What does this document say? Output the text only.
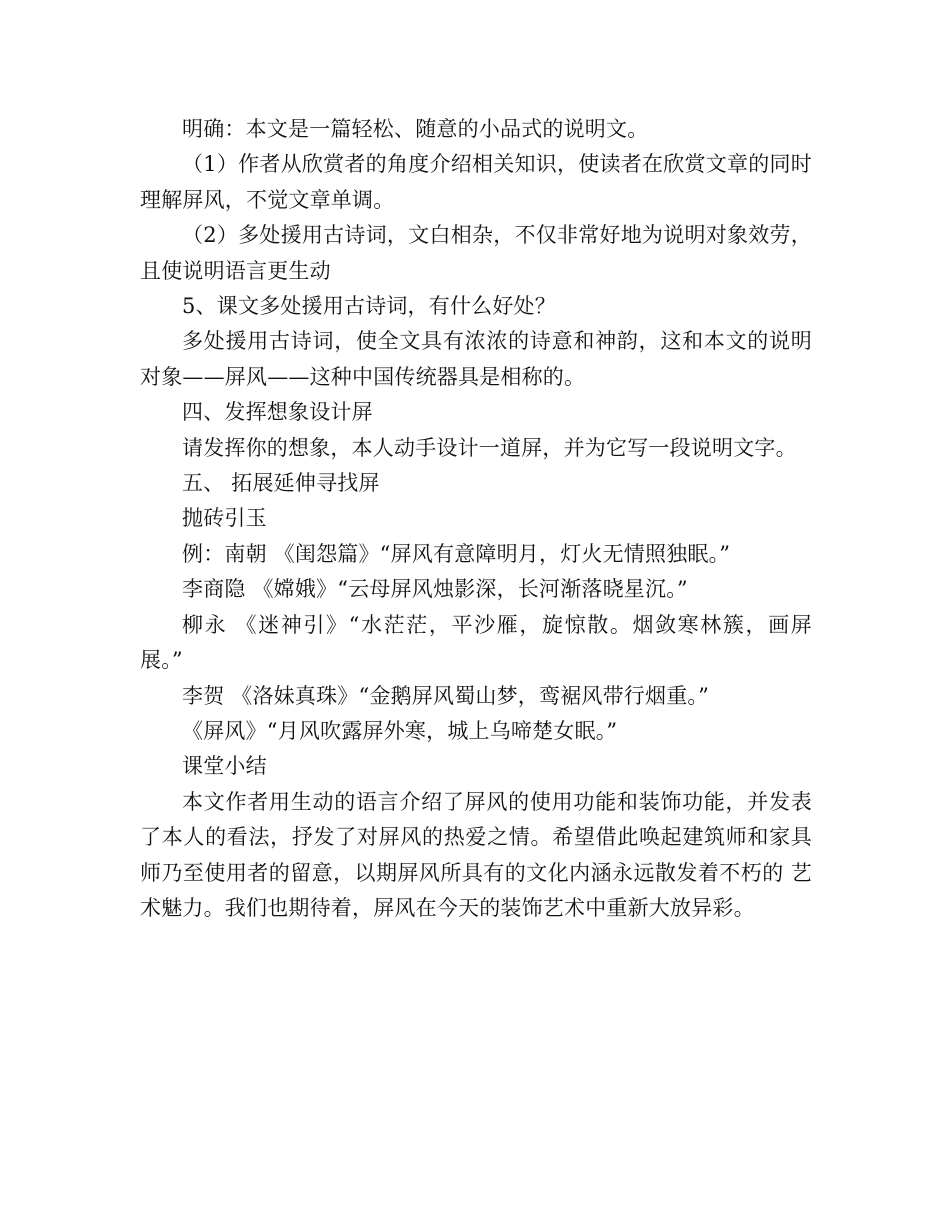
明确：本文是一篇轻松、随意的小品式的说明文。

（1）作者从欣赏者的角度介绍相关知识，使读者在欣赏文章的同时理解屏风，不觉文章单调。

（2）多处援用古诗词，文白相杂，不仅非常好地为说明对象效劳，且使说明语言更生动

5、课文多处援用古诗词，有什么好处？

多处援用古诗词，使全文具有浓浓的诗意和神韵，这和本文的说明对象——屏风——这种中国传统器具是相称的。

四、发挥想象设计屏

请发挥你的想象，本人动手设计一道屏，并为它写一段说明文字。

五、 拓展延伸寻找屏

抛砖引玉

例：南朝 《闺怨篇》“屏风有意障明月，灯火无情照独眠。”

李商隐 《嫦娥》“云母屏风烛影深，长河渐落晓星沉。”

柳永 《迷神引》“水茫茫，平沙雁，旋惊散。烟敛寒林簇，画屏展。”

李贺 《洛妹真珠》“金鹅屏风蜀山梦，鸾裾风带行烟重。”

《屏风》“月风吹露屏外寒，城上乌啼楚女眠。”

课堂小结

本文作者用生动的语言介绍了屏风的使用功能和装饰功能，并发表了本人的看法，抒发了对屏风的热爱之情。希望借此唤起建筑师和家具师乃至使用者的留意，以期屏风所具有的文化内涵永远散发着不朽的 艺术魅力。我们也期待着，屏风在今天的装饰艺术中重新大放异彩。
